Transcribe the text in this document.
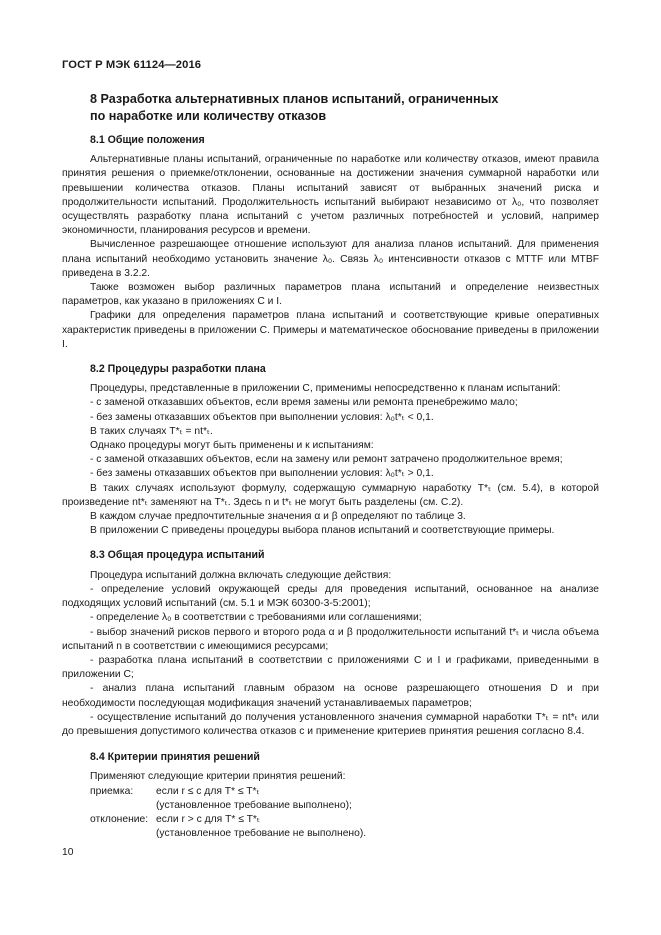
ГОСТ Р МЭК 61124—2016
8 Разработка альтернативных планов испытаний, ограниченных
по наработке или количеству отказов
8.1 Общие положения

Альтернативные планы испытаний, ограниченные по наработке или количеству отказов, имеют правила принятия решения о приемке/отклонении, основанные на достижении значения суммарной наработки или превышении количества отказов. Планы испытаний зависят от выбранных значений риска и продолжительности испытаний. Продолжительность испытаний выбирают независимо от λ₀, что позволяет осуществлять разработку плана испытаний с учетом различных потребностей и условий, например экономичности, планирования ресурсов и времени.

Вычисленное разрешающее отношение используют для анализа планов испытаний. Для применения плана испытаний необходимо установить значение λ₀. Связь λ₀ интенсивности отказов с MTTF или MTBF приведена в 3.2.2.

Также возможен выбор различных параметров плана испытаний и определение неизвестных параметров, как указано в приложениях C и I.

Графики для определения параметров плана испытаний и соответствующие кривые оперативных характеристик приведены в приложении C. Примеры и математическое обоснование приведены в приложении I.

8.2 Процедуры разработки плана

Процедуры, представленные в приложении C, применимы непосредственно к планам испытаний:

- с заменой отказавших объектов, если время замены или ремонта пренебрежимо мало;

- без замены отказавших объектов при выполнении условия: λ₀t*ₜ < 0,1.

В таких случаях T*ₜ = nt*ₜ.

Однако процедуры могут быть применены и к испытаниям:

- с заменой отказавших объектов, если на замену или ремонт затрачено продолжительное время;

- без замены отказавших объектов при выполнении условия: λ₀t*ₜ > 0,1.

В таких случаях используют формулу, содержащую суммарную наработку T*ₜ (см. 5.4), в которой произведение nt*ₜ заменяют на T*ₜ. Здесь n и t*ₜ не могут быть разделены (см. C.2).

В каждом случае предпочтительные значения α и β определяют по таблице 3.

В приложении C приведены процедуры выбора планов испытаний и соответствующие примеры.

8.3 Общая процедура испытаний

Процедура испытаний должна включать следующие действия:

- определение условий окружающей среды для проведения испытаний, основанное на анализе подходящих условий испытаний (см. 5.1 и МЭК 60300-3-5:2001);

- определение λ₀ в соответствии с требованиями или соглашениями;

- выбор значений рисков первого и второго рода α и β продолжительности испытаний t*ₜ и числа объема испытаний n в соответствии с имеющимися ресурсами;

- разработка плана испытаний в соответствии с приложениями C и I и графиками, приведенными в приложении C;

- анализ плана испытаний главным образом на основе разрешающего отношения D и при необходимости последующая модификация значений устанавливаемых параметров;

- осуществление испытаний до получения установленного значения суммарной наработки T*ₜ = nt*ₜ или до превышения допустимого количества отказов c и применение критериев принятия решения согласно 8.4.

8.4 Критерии принятия решений

Применяют следующие критерии принятия решений:

приемка:	если r ≤ c для T* ≤ T*ₜ
(установленное требование выполнено);
отклонение: если r > c для T* ≤ T*ₜ
(установленное требование не выполнено).
10
